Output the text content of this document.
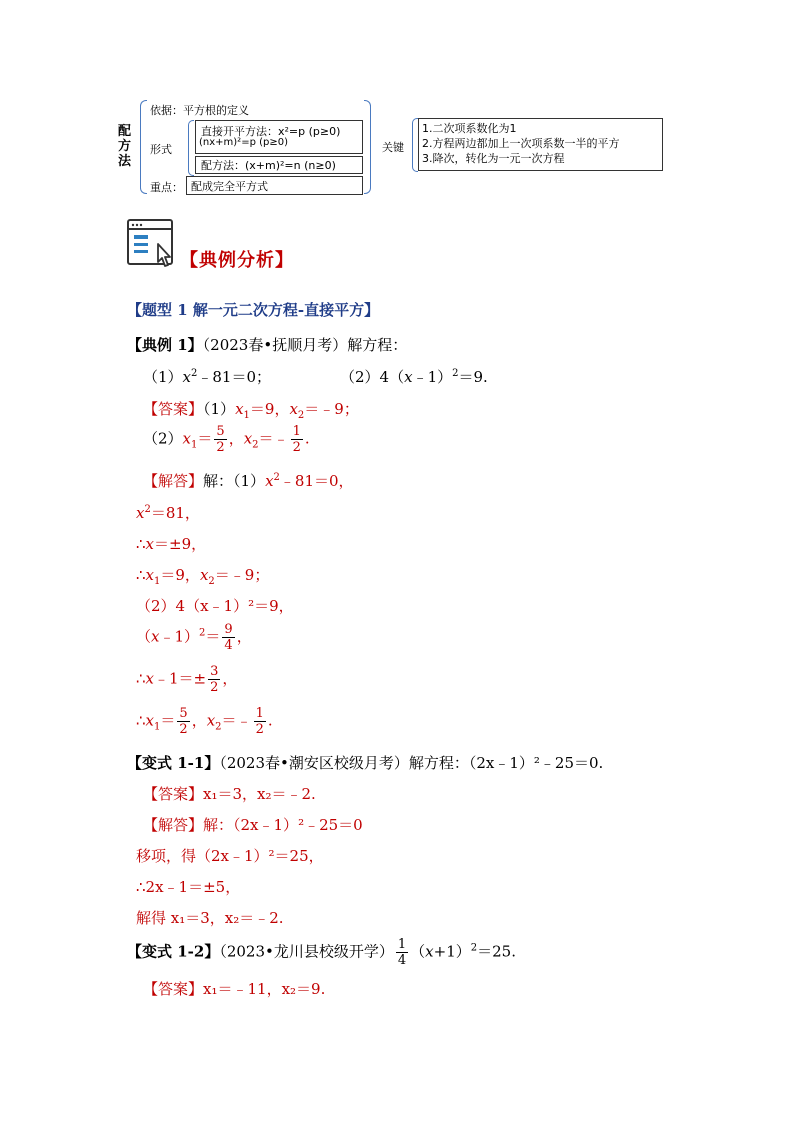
配方法
依据：平方根的定义
形式
直接开平方法：x²=p (p≥0)
(nx+m)²=p (p≥0)
配方法：(x+m)²=n (n≥0)
重点： 配成完全平方式
关键
1.二次项系数化为1
2.方程两边都加上一次项系数一半的平方
3.降次，转化为一元一次方程
【典例分析】
【题型 1 解一元二次方程-直接平方】
【典例 1】（2023春•抚顺月考）解方程：
$(1)x^2﹣81=0$；	（2）4（x﹣1）$^2$＝9.
【答案】$(1)x_1=9$，$x_2=﹣9$；
$(2)x_1= \frac{5}{2}$ ，$x_2=﹣ \frac{1}{2}$ .
【解答】解：$(1)x^2﹣81=0$，
$x^2=81$，
∴x＝±9，
$\therefore x_1=9$，$x_2=﹣9$；
（2）4（x﹣1）²＝9，
（x﹣1）$^2$＝ $\frac{9}{4}$ ，
∴x﹣1＝± $\frac{3}{2}$ ，
$\therefore x_1= \frac{5}{2}$ ，$x_2=﹣ \frac{1}{2}$ .
【变式 1-1】（2023春•潮安区校级月考）解方程：（2x﹣1）²﹣25＝0.
【答案】x₁＝3，x₂＝﹣2.
【解答】解：（2x﹣1）²﹣25＝0
移项，得（2x﹣1）²＝25，
∴2x﹣1＝±5，
解得 x₁＝3，x₂＝﹣2.
【变式 1-2】（2023•龙川县校级开学） $\frac{1}{4} (x+1)^2=25$.
【答案】x₁＝﹣11，x₂＝9.
